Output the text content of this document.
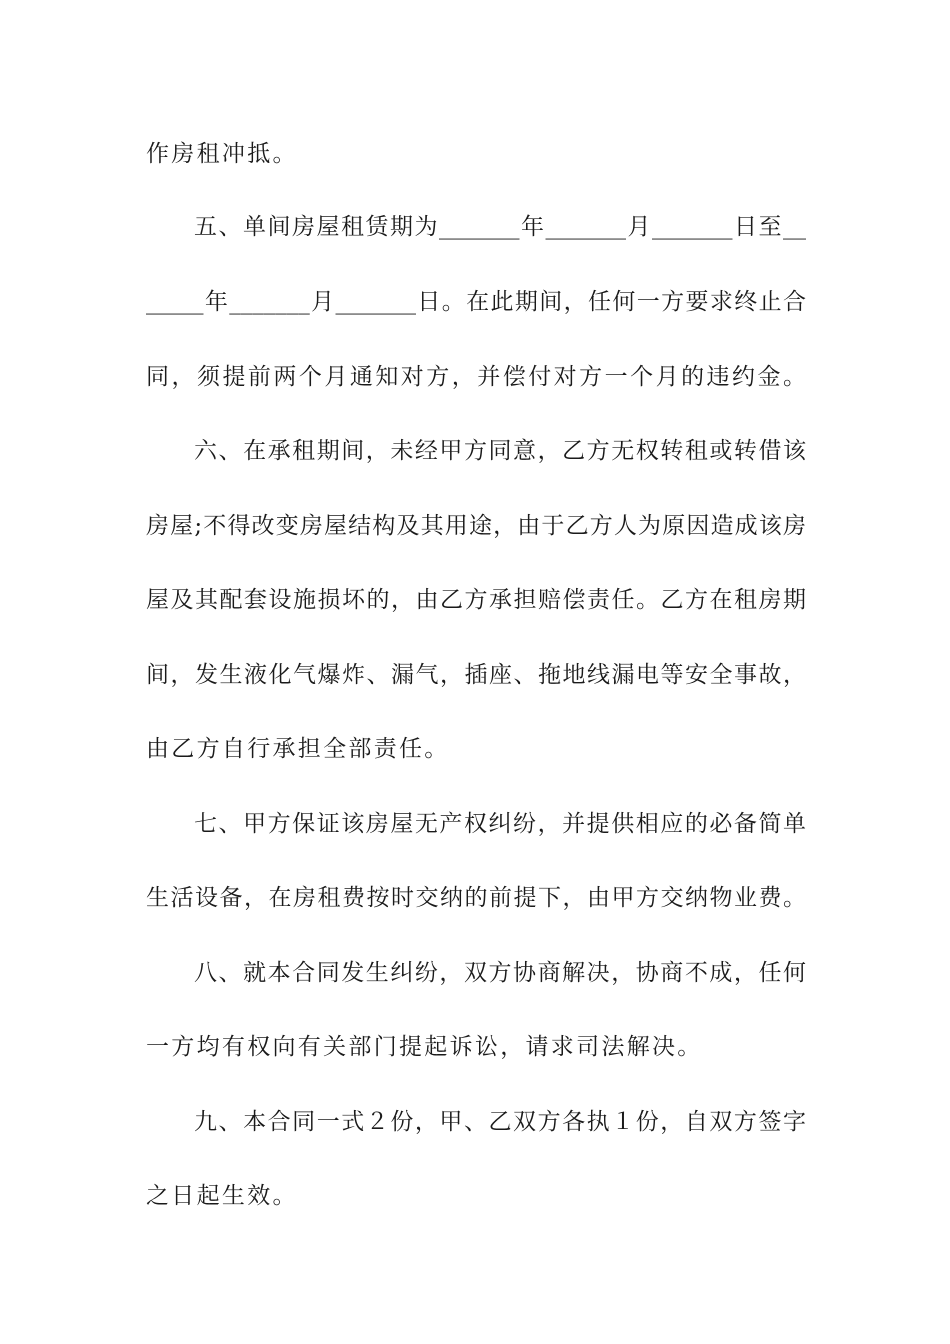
作房租冲抵。
五、单间房屋租赁期为_______年_______月_______日至__
_____年_______月_______日。在此期间，任何一方要求终止合
同，须提前两个月通知对方，并偿付对方一个月的违约金。
六、在承租期间，未经甲方同意，乙方无权转租或转借该
房屋;不得改变房屋结构及其用途，由于乙方人为原因造成该房
屋及其配套设施损坏的，由乙方承担赔偿责任。乙方在租房期
间，发生液化气爆炸、漏气，插座、拖地线漏电等安全事故，
由乙方自行承担全部责任。
七、甲方保证该房屋无产权纠纷，并提供相应的必备简单
生活设备，在房租费按时交纳的前提下，由甲方交纳物业费。
八、就本合同发生纠纷，双方协商解决，协商不成，任何
一方均有权向有关部门提起诉讼，请求司法解决。
九、本合同一式２份，甲、乙双方各执１份，自双方签字
之日起生效。
